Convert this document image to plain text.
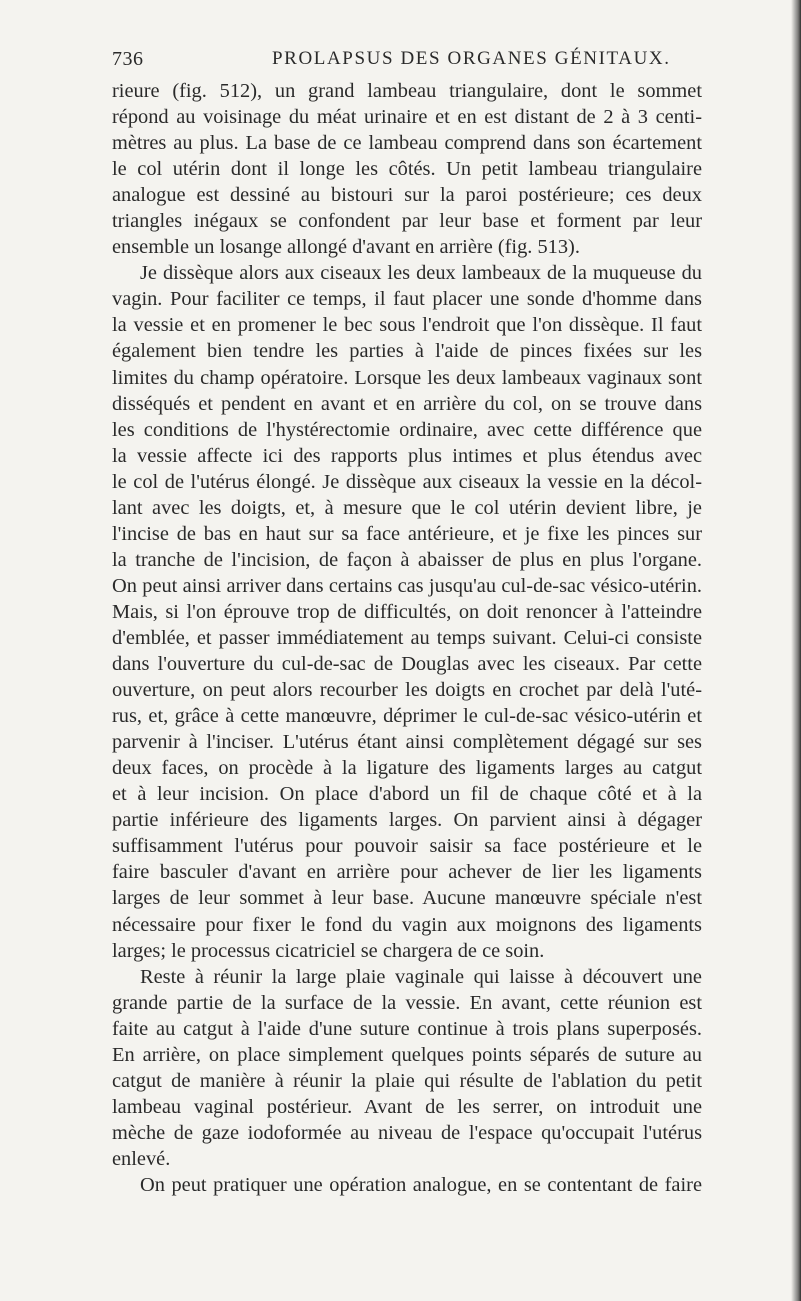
736	PROLAPSUS DES ORGANES GÉNITAUX.
rieure (fig. 512), un grand lambeau triangulaire, dont le sommet
répond au voisinage du méat urinaire et en est distant de 2 à 3 centi-
mètres au plus. La base de ce lambeau comprend dans son écartement
le col utérin dont il longe les côtés. Un petit lambeau triangulaire
analogue est dessiné au bistouri sur la paroi postérieure; ces deux
triangles inégaux se confondent par leur base et forment par leur
ensemble un losange allongé d'avant en arrière (fig. 513).
Je dissèque alors aux ciseaux les deux lambeaux de la muqueuse du
vagin. Pour faciliter ce temps, il faut placer une sonde d'homme dans
la vessie et en promener le bec sous l'endroit que l'on dissèque. Il faut
également bien tendre les parties à l'aide de pinces fixées sur les
limites du champ opératoire. Lorsque les deux lambeaux vaginaux sont
disséqués et pendent en avant et en arrière du col, on se trouve dans
les conditions de l'hystérectomie ordinaire, avec cette différence que
la vessie affecte ici des rapports plus intimes et plus étendus avec
le col de l'utérus élongé. Je dissèque aux ciseaux la vessie en la décol-
lant avec les doigts, et, à mesure que le col utérin devient libre, je
l'incise de bas en haut sur sa face antérieure, et je fixe les pinces sur
la tranche de l'incision, de façon à abaisser de plus en plus l'organe.
On peut ainsi arriver dans certains cas jusqu'au cul-de-sac vésico-utérin.
Mais, si l'on éprouve trop de difficultés, on doit renoncer à l'atteindre
d'emblée, et passer immédiatement au temps suivant. Celui-ci consiste
dans l'ouverture du cul-de-sac de Douglas avec les ciseaux. Par cette
ouverture, on peut alors recourber les doigts en crochet par delà l'uté-
rus, et, grâce à cette manœuvre, déprimer le cul-de-sac vésico-utérin et
parvenir à l'inciser. L'utérus étant ainsi complètement dégagé sur ses
deux faces, on procède à la ligature des ligaments larges au catgut
et à leur incision. On place d'abord un fil de chaque côté et à la
partie inférieure des ligaments larges. On parvient ainsi à dégager
suffisamment l'utérus pour pouvoir saisir sa face postérieure et le
faire basculer d'avant en arrière pour achever de lier les ligaments
larges de leur sommet à leur base. Aucune manœuvre spéciale n'est
nécessaire pour fixer le fond du vagin aux moignons des ligaments
larges; le processus cicatriciel se chargera de ce soin.
Reste à réunir la large plaie vaginale qui laisse à découvert une
grande partie de la surface de la vessie. En avant, cette réunion est
faite au catgut à l'aide d'une suture continue à trois plans superposés.
En arrière, on place simplement quelques points séparés de suture au
catgut de manière à réunir la plaie qui résulte de l'ablation du petit
lambeau vaginal postérieur. Avant de les serrer, on introduit une
mèche de gaze iodoformée au niveau de l'espace qu'occupait l'utérus
enlevé.
On peut pratiquer une opération analogue, en se contentant de faire
